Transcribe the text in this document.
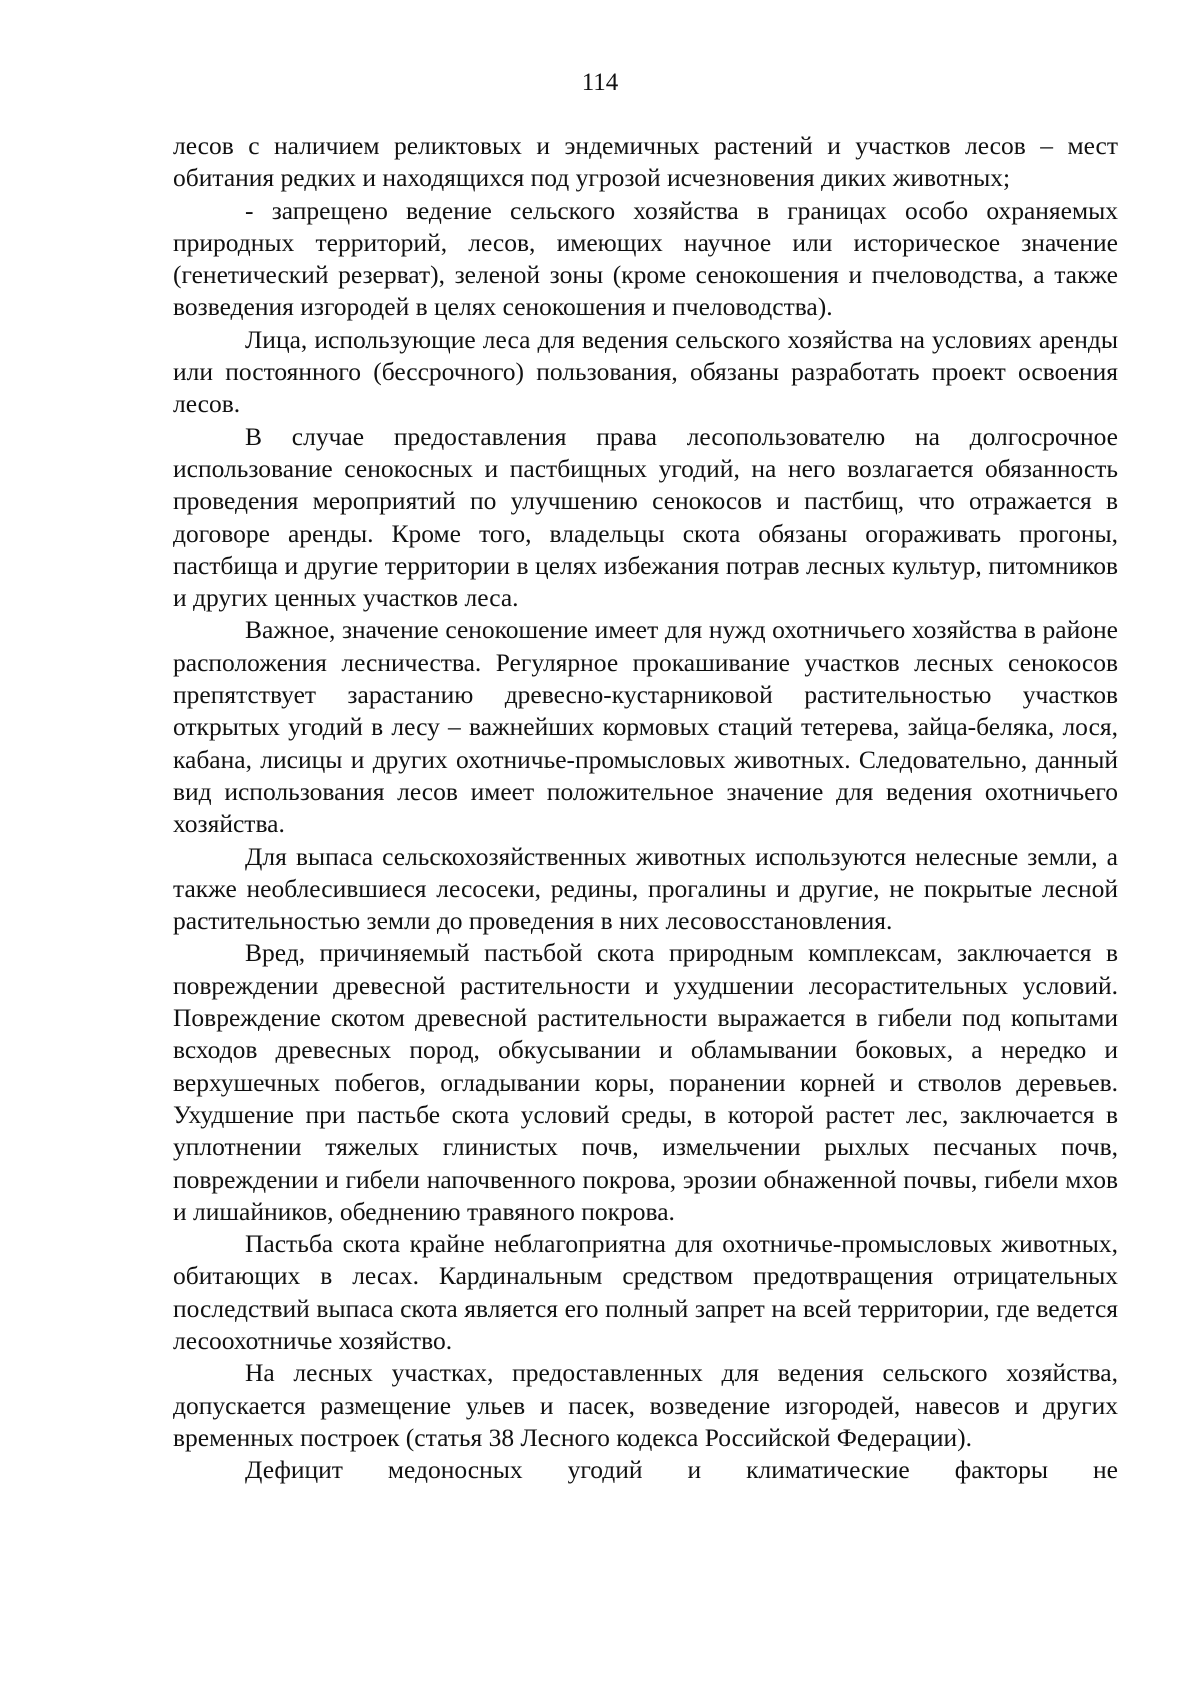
114

лесов с наличием реликтовых и эндемичных растений и участков лесов – мест обитания редких и находящихся под угрозой исчезновения диких животных;

- запрещено ведение сельского хозяйства в границах особо охраняемых природных территорий, лесов, имеющих научное или историческое значение (генетический резерват), зеленой зоны (кроме сенокошения и пчеловодства, а также возведения изгородей в целях сенокошения и пчеловодства).

Лица, использующие леса для ведения сельского хозяйства на условиях аренды или постоянного (бессрочного) пользования, обязаны разработать проект освоения лесов.

В случае предоставления права лесопользователю на долгосрочное использование сенокосных и пастбищных угодий, на него возлагается обязанность проведения мероприятий по улучшению сенокосов и пастбищ, что отражается в договоре аренды. Кроме того, владельцы скота обязаны огораживать прогоны, пастбища и другие территории в целях избежания потрав лесных культур, питомников и других ценных участков леса.

Важное, значение сенокошение имеет для нужд охотничьего хозяйства в районе расположения лесничества. Регулярное прокашивание участков лесных сенокосов препятствует зарастанию древесно-кустарниковой растительностью участков открытых угодий в лесу – важнейших кормовых стаций тетерева, зайца-беляка, лося, кабана, лисицы и других охотничье-промысловых животных. Следовательно, данный вид использования лесов имеет положительное значение для ведения охотничьего хозяйства.

Для выпаса сельскохозяйственных животных используются нелесные земли, а также необлесившиеся лесосеки, редины, прогалины и другие, не покрытые лесной растительностью земли до проведения в них лесовосстановления.

Вред, причиняемый пастьбой скота природным комплексам, заключается в повреждении древесной растительности и ухудшении лесорастительных условий. Повреждение скотом древесной растительности выражается в гибели под копытами всходов древесных пород, обкусывании и обламывании боковых, а нередко и верхушечных побегов, огладывании коры, поранении корней и стволов деревьев. Ухудшение при пастьбе скота условий среды, в которой растет лес, заключается в уплотнении тяжелых глинистых почв, измельчении рыхлых песчаных почв, повреждении и гибели напочвенного покрова, эрозии обнаженной почвы, гибели мхов и лишайников, обеднению травяного покрова.

Пастьба скота крайне неблагоприятна для охотничье-промысловых животных, обитающих в лесах. Кардинальным средством предотвращения отрицательных последствий выпаса скота является его полный запрет на всей территории, где ведется лесоохотничье хозяйство.

На лесных участках, предоставленных для ведения сельского хозяйства, допускается размещение ульев и пасек, возведение изгородей, навесов и других временных построек (статья 38 Лесного кодекса Российской Федерации).

Дефицит медоносных угодий и климатические факторы не
